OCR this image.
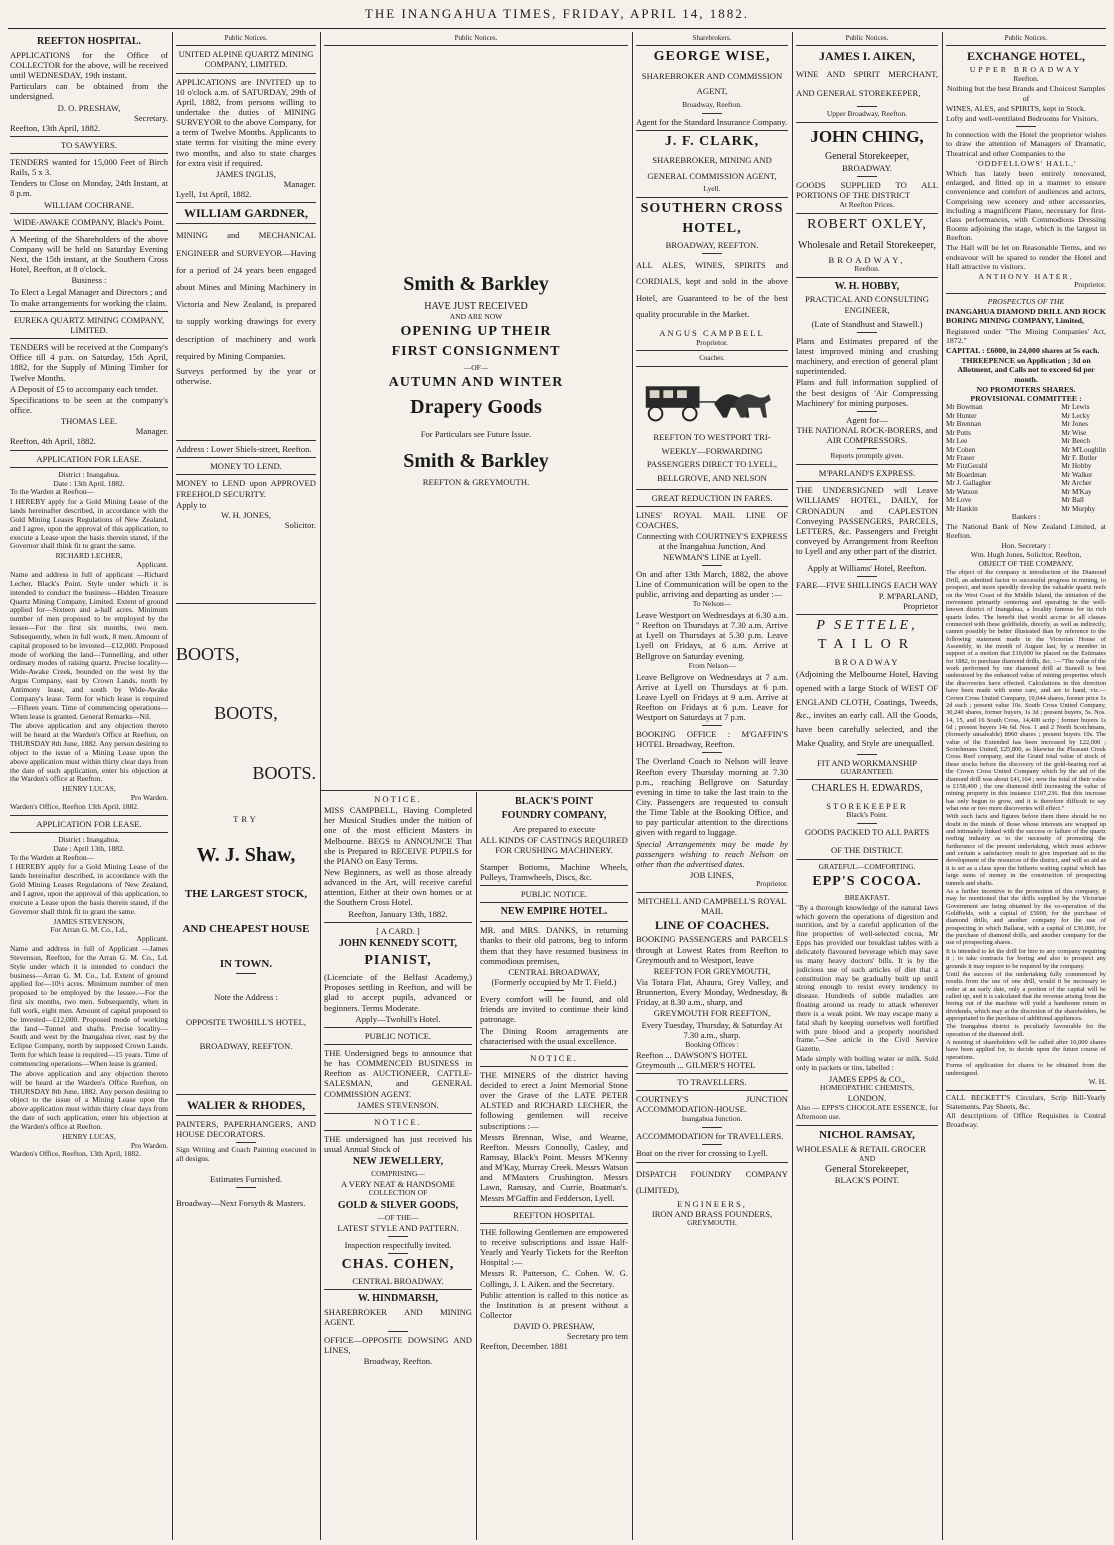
THE INANGAHUA TIMES, FRIDAY, APRIL 14, 1882.
REEFTON HOSPITAL.

APPLICATIONS for the Office of COLLECTOR for the above, will be received until WEDNESDAY, 19th instant.

Particulars can be obtained from the undersigned.

D. O. PRESHAW,
Secretary.
Reefton, 13th April, 1882.
TO SAWYERS.

TENDERS wanted for 15,000 Feet of Birch Rails, 5 x 3.

Tenders to Close on Monday, 24th Instant, at 8 p.m.

WILLIAM COCHRANE.
WIDE-AWAKE COMPANY, Black's Point.

A Meeting of the Shareholders of the above Company will be held on Saturday Evening Next, the 15th instant, at the Southern Cross Hotel, Reefton, at 8 o'clock.

Business :

To Elect a Legal Manager and Directors ; and

To make arrangements for working the claim.

EUREKA QUARTZ MINING COMPANY, LIMITED.

TENDERS will be received at the Company's Office till 4 p.m. on Saturday, 15th April, 1882, for the Supply of Mining Timber for Twelve Months.

A Deposit of £5 to accompany each tender.

Specifications to be seen at the company's office.

THOMAS LEE.
Manager.
Reefton, 4th April, 1882.
APPLICATION FOR LEASE.
District : Inangahua.
Date : 13th April. 1882.
To the Warden at Reefton—

I HEREBY apply for a Gold Mining Lease of the lands hereinafter described, in accordance with the Gold Mining Leases Regulations of New Zealand, and I agree, upon the approval of this application, to execute a Lease upon the basis therein stated, if the Governor shall think fit to grant the same.

RICHARD LECHER,
Applicant.

Name and address in full of applicant —Richard Lecher, Black's Point. Style under which it is intended to conduct the business—Hidden Treasure Quartz Mining Company, Limited. Extent of ground applied for—Sixteen and a-half acres. Minimum number of men proposed to be employed by the lessee—For the first six months, two men. Subsequently, when in full work, 8 men. Amount of capital proposed to be invested—£12,000. Proposed mode of working the land—Tunnelling, and other ordinary modes of raising quartz. Precise locality—Wide-Awake Creek, bounded on the west by the Argus Company, east by Crown Lands, north by Antimony lease, and south by Wide-Awake Company's lease. Term for which lease is required—Fifteen years. Time of commencing operations—When lease is granted. General Remarks—Nil.

The above application and any objection thereto will be heard at the Warden's Office at Reefton, on THURSDAY 8th June, 1882. Any person desiring to object to the issue of a Mining Lease upon the above application must within thirty clear days from the date of such application, enter his objection at the Warden's office at Reefton.

HENRY LUCAS,
Pro Warden.
Warden's Office, Reefton 13th April, 1882.
APPLICATION FOR LEASE.
District : Inangahua.
Date : April 13th, 1882.
To the Warden at Reefton—

I HEREBY apply for a Gold Mining Lease of the lands hereinafter described, in accordance with the Gold Mining Leases Regulations of New Zealand, and I agree, upon the approval of this application, to execute a Lease upon the basis therein stated, if the Governor shall think fit to grant the same.

JAMES STEVENSON,
For Arran G. M. Co., Ld.,
Applicant.

Name and address in full of Applicant —James Stevenson, Reefton, for the Arran G. M. Co., Ld. Style under which it is intended to conduct the business—Arran G. M. Co., Ld. Extent of ground applied for—10½ acres. Minimum number of men proposed to be employed by the lessee.—For the first six months, two men. Subsequently, when in full work, eight men. Amount of capital proposed to be invested—£12,000. Proposed mode of working the land—Tunnel and shafts. Precise locality—South and west by the Inangahua river, east by the Eclipse Company, north by supposed Crown Lands. Term for which lease is required—15 years. Time of commencing operations—When lease is granted.

The above application and any objection thereto will be heard at the Warden's Office Reefton, on THURSDAY 8th June, 1882. Any person desiring to object to the issue of a Mining Lease upon the above application must within thirty clear days from the date of such application, enter his objection at the Warden's office at Reefton.

HENRY LUCAS,
Pro Warden.
Warden's Office, Reefton, 13th April, 1882.
Public Notices.
UNITED ALPINE QUARTZ MINING COMPANY, LIMITED.

APPLICATIONS are INVITED up to 10 o'clock a.m. of SATURDAY, 29th of April, 1882, from persons willing to undertake the duties of MINING SURVEYOR to the above Company, for a term of Twelve Months. Applicants to state terms for visiting the mine every two months, and also to state charges for extra visit if required.

JAMES INGLIS,
Manager.
Lyell, 1st April, 1882.
WILLIAM GARDNER,

MINING and MECHANICAL ENGINEER and SURVEYOR—Having for a period of 24 years been engaged about Mines and Mining Machinery in Victoria and New Zealand, is prepared to supply working drawings for every description of machinery and work required by Mining Companies.

Surveys performed by the year or otherwise.

Address : Lower Shiels-street, Reefton.
MONEY TO LEND.

MONEY to LEND upon APPROVED FREEHOLD SECURITY.

Apply to
W. H. JONES,
Solicitor.
BOOTS,
BOOTS,
BOOTS.
TRY
W. J. Shaw,
THE LARGEST STOCK,
AND CHEAPEST HOUSE
IN TOWN.
Note the Address :
OPPOSITE TWOHILL'S HOTEL,
BROADWAY, REEFTON.
WALIER & RHODES,

PAINTERS, PAPERHANGERS, AND HOUSE DECORATORS.

Sign Writing and Coach Painting executed in all designs.

Estimates Furnished.
Broadway—Next Forsyth & Masters.
Public Notices.
Smith & Barkley
HAVE JUST RECEIVED
AND ARE NOW
OPENING UP THEIR
FIRST CONSIGNMENT
—OF—
AUTUMN AND WINTER
Drapery Goods
For Particulars see Future Issue.
Smith & Barkley
REEFTON & GREYMOUTH.
NOTICE.

MISS CAMPBELL, Having Completed her Musical Studies under the tuition of one of the most efficient Masters in Melbourne. BEGS to ANNOUNCE That she is Prepared to RECEIVE PUPILS for the PIANO on Easy Terms.

New Beginners, as well as those already advanced in the Art, will receive careful attention, Either at their own homes or at the Southern Cross Hotel.

Reefton, January 13th, 1882.
[ A CARD. ]
JOHN KENNEDY SCOTT,
PIANIST,

(Licenciate of the Belfast Academy,) Proposes settling in Reefton, and will be glad to accept pupils, advanced or beginners. Terms Moderate.

Apply—Twohill's Hotel.
PUBLIC NOTICE.

THE Undersigned begs to announce that he has COMMENCED BUSINESS in Reefton as AUCTIONEER, CATTLE-SALESMAN, and GENERAL COMMISSION AGENT.

JAMES STEVENSON.
NOTICE.

THE undersigned has just received his usual Annual Stock of

NEW JEWELLERY,
COMPRISING—
A VERY NEAT & HANDSOME
COLLECTION OF
GOLD & SILVER GOODS,
—OF THE—
LATEST STYLE AND PATTERN.
Inspection respectfully invited.
CHAS. COHEN,
CENTRAL BROADWAY.
W. HINDMARSH,

SHAREBROKER AND MINING AGENT.

OFFICE—OPPOSITE DOWSING AND LINES,

Broadway, Reefton.
BLACK'S POINT
FOUNDRY COMPANY,
Are prepared to execute

ALL KINDS OF CASTINGS REQUIRED FOR CRUSHING MACHINERY.

Stamper Bottoms, Machine Wheels, Pulleys, Tramwheels, Discs, &c.

PUBLIC NOTICE.
NEW EMPIRE HOTEL.

MR. and MRS. DANKS, in returning thanks to their old patrons, beg to inform them that they have resumed business in commodious premises,

CENTRAL BROADWAY,
(Formerly occupied by Mr T. Field.)

Every comfort will be found, and old friends are invited to continue their kind patronage.

The Dining Room arragements are characterised with the usual excellence.

NOTICE.

THE MINERS of the district having decided to erect a Joint Memorial Stone over the Grave of the LATE PETER ALSTED and RICHARD LECHER, the following gentlemen will receive subscriptions :—

Messrs Brennan, Wise, and Wearne, Reefton. Messrs Connolly, Casley, and Ramsay, Black's Point. Messrs M'Kenny and M'Kay, Murray Creek. Messrs Watson and M'Masters Crushington. Messrs Lawn, Ramsay, and Currie, Boatman's. Messrs M'Gaffin and Fedderson, Lyell.

REEFTON HOSPITAL

THE following Gentlemen are empowered to receive subscriptions and issue Half-Yearly and Yearly Tickets for the Reefton Hospital :—

Messrs R. Patterson, C. Cohen. W. G. Collings, J. I. Aiken. and the Secretary.

Public attention is called to this notice as the Institution is at present without a Collector

DAVID O. PRESHAW,
Secretary pro tem
Reefton, December. 1881
Sharebrokers.
GEORGE WISE,

SHAREBROKER AND COMMISSION AGENT,

Broadway, Reefton.

Agent for the Standard Insurance Company.

J. F. CLARK,

SHAREBROKER, MINING AND GENERAL COMMISSION AGENT,

Lyell.
SOUTHERN CROSS
HOTEL,
BROADWAY, REEFTON.

ALL ALES, WINES, SPIRITS and CORDIALS, kept and sold in the above Hotel, are Guaranteed to be of the best quality procurable in the Market.

ANGUS CAMPBELL
Proprietor.
Coaches.

REEFTON TO WESTPORT TRI-WEEKLY—FORWARDING PASSENGERS DIRECT TO LYELL, BELLGROVE, AND NELSON

GREAT REDUCTION IN FARES.

LINES' ROYAL MAIL LINE OF COACHES,

Connecting with COURTNEY'S EXPRESS at the Inangahua Junction, And NEWMAN'S LINE at Lyell.

On and after 13th March, 1882, the above Line of Communication will be open to the public, arriving and departing as under :—

To Nelson—

Leave Westport on Wednesdays at 6.30 a.m. " Reefton on Thursdays at 7.30 a.m. Arrive at Lyell on Thursdays at 5.30 p.m. Leave Lyell on Fridays, at 6 a.m. Arrive at Bellgrove on Saturday evening.

From Nelson—

Leave Bellgrove on Wednesdays at 7 a.m. Arrive at Lyell on Thursdays at 6 p.m. Leave Lyell on Fridays at 9 a.m. Arrive at Reefton on Fridays at 6 p.m. Leave for Westport on Saturdays at 7 p.m.

BOOKING OFFICE : M'GAFFIN'S HOTEL Broadway, Reefton.

The Overland Coach to Nelson will leave Reefton every Thursday morning at 7.30 p.m., reaching Bellgrove on Saturday evening in time to take the last train to the City. Passengers are requested to consult the Time Table at the Booking Office, and to pay particular attention to the directions given with regard to luggage.

Special Arrangements may be made by passengers wishing to reach Nelson on other than the advertised dates.

JOB LINES,
Proprietor.
MITCHELL AND CAMPBELL'S ROYAL MAIL
LINE OF COACHES.

BOOKING PASSENGERS and PARCELS through at Lowest Rates from Reefton to Greymouth and to Westport, leave

REEFTON FOR GREYMOUTH,

Via Totara Flat, Ahaura, Grey Valley, and Brunnerton, Every Monday, Wednesday, & Friday, at 8.30 a.m., sharp, and

GREYMOUTH FOR REEFTON,

Every Tuesday, Thursday, & Saturday At 7.30 a.m., sharp.

Booking Offices :
Reefton ... DAWSON'S HOTEL
Greymouth ... GILMER'S HOTEL
TO TRAVELLERS.

COURTNEY'S JUNCTION ACCOMMODATION-HOUSE.

Inangahua Junction.

ACCOMMODATION for TRAVELLERS.

Boat on the river for crossing to Lyell.

DISPATCH FOUNDRY COMPANY (LIMITED),

ENGINEERS,
IRON AND BRASS FOUNDERS,
GREYMOUTH.
Public Notices.
JAMES I. AIKEN,

WINE AND SPIRIT MERCHANT, AND GENERAL STOREKEEPER,

Upper Broadway, Reefton.
JOHN CHING,
General Storekeeper,
BROADWAY.

GOODS SUPPLIED TO ALL PORTIONS OF THE DISTRICT

At Reefton Prices.
ROBERT OXLEY,
Wholesale and Retail Storekeeper,
BROADWAY,
Reefton.
W. H. HOBBY,
PRACTICAL AND CONSULTING ENGINEER,
(Late of Standhust and Stawell.)

Plans and Estimates prepared of the latest improved mining and crushing machinery, and erection of general plant superintended.

Plans and full information supplied of the best designs of 'Air Compressing Machinery' for mining purposes.

Agent for—
THE NATIONAL ROCK-BORERS, and AIR COMPRESSORS.
Reports promptly given.
M'PARLAND'S EXPRESS.

THE UNDERSIGNED will Leave WILLIAMS' HOTEL, DAILY, for CRONADUN and CAPLESTON Conveying PASSENGERS, PARCELS, LETTERS, &c. Passengers and Freight conveyed by Arrangement from Reefton to Lyell and any other part of the district.

Apply at Williams' Hotel, Reefton.
FARE—FIVE SHILLINGS EACH WAY
P. M'PARLAND,
Proprietor
P SETTELE,
TAILOR
BROADWAY

(Adjoining the Melbourne Hotel, Having opened with a large Stock of WEST OF ENGLAND CLOTH, Coatings, Tweeds, &c., invites an early call. All the Goods, have been carefully selected, and the Make Quality, and Style are unequalled.

FIT AND WORKMANSHIP
GUARANTEED.
CHARLES H. EDWARDS,
STOREKEEPER
Black's Point.
GOODS PACKED TO ALL PARTS
OF THE DISTRICT.
GRATEFUL—COMFORTING.
EPP'S COCOA.
BREAKFAST.

"By a thorough knowledge of the natural laws which govern the operations of digestion and nutrition, and by a careful application of the fine properties of well-selected cocoa, Mr Epps has provided our breakfast tables with a delicately flavoured beverage which may save us many heavy doctors' bills. It is by the judicious use of such articles of diet that a constitution may be gradually built up until strong enough to resist every tendency to disease. Hundreds of subtle maladies are floating around us ready to attack wherever there is a weak point. We may escape many a fatal shaft by keeping ourselves well fortified with pure blood and a properly nourished frame."—See article in the Civil Service Gazette.

Made simply with boiling water or milk. Sold only in packets or tins, labelled :

JAMES EPPS & CO.,
HOMEOPATHIC CHEMISTS,
LONDON.

Also — EPPS'S CHOCOLATE ESSENCE, for Afternoon use.

NICHOL RAMSAY,

WHOLESALE & RETAIL GROCER

AND
General Storekeeper,
BLACK'S POINT.
Public Notices.
EXCHANGE HOTEL,
UPPER BROADWAY
Reefton.

Nothing but the best Brands and Choicest Samples of

WINES, ALES, and SPIRITS, kept in Stock.

Lofty and well-ventilated Bedrooms for Visitors.

In connection with the Hotel the proprietor wishes to draw the attention of Managers of Dramatic, Theatrical and other Companies to the

'ODDFELLOWS' HALL,'

Which has lately been entirely renovated, enlarged, and fitted up in a manner to ensure convenience and comfort of audiences and actors, Comprising new scenery and other accessories, including a magnificent Piano, necessary for first-class performances, with Commodious Dressing Rooms adjoining the stage, which is the largest in Reefton.

The Hall will be let on Reasonable Terms, and no endeavour will be spared to render the Hotel and Hall attractive to visitors.

ANTHONY HATER,
Proprietor.
PROSPECTUS OF THE

INANGAHUA DIAMOND DRILL AND ROCK BORING MINING COMPANY, Limited,

Registered under "The Mining Companies' Act, 1872."

CAPITAL : £6000, in 24,000 shares at 5s each.

THREEPENCE on Application ; 3d on Allotment, and Calls not to exceed 6d per month.

NO PROMOTERS SHARES.
PROVISIONAL COMMITTEE :
Mr Bowman
Mr Hunter
Mr Brennan
Mr Potts
Mr Lee
Mr Cohen
Mr Fraser
Mr FitzGerald
Mr Boardman
Mr J. Gallagher
Mr Watson
Mr Love
Mr Hankin
Mr Lewis
Mr Lecky
Mr Jones
Mr Wise
Mr Beech
Mr M'Loughlin
Mr F. Butler
Mr Hobby
Mr Walker
Mr Archer
Mr M'Kay
Mr Ball
Mr Murphy
Bankers :

The National Bank of New Zealand Limited, at Reefton.

Hon. Secretary :
Wm. Hugh Jones, Solicitor, Reefton,
OBJECT OF THE COMPANY.

The object of the company is introduction of the Diamond Drill, an admitted factor to successful progress in mining, to prospect, and more speedily develop the valuable quartz reefs on the West Coast of the Middle Island, the initiation of the movement primarily centering and operating in the well-known district of Inangahua, a locality famous for its rich quartz lodes. The benefit that would accrue to all classes connected with these goldfields, directly, as well as indirectly, cannot possibly be better illustrated than by reference to the following statement made in the Victorian House of Assembly, in the month of August last, by a member in support of a motion that £10,000 be placed on the Estimates for 1882, to purchase diamond drills, &c. :—"The value of the work performed by one diamond drill at Stawell is best understood by the enhanced value of mining properties which the discoveries have effected. Calculations in this direction have been made with some care, and are to hand, viz.—Crown Cross United Company, 19,044 shares, former price 1s 2d each ; present value 10s. South Cross United Company, 30,240 shares, former buyers, 1s 3d ; present buyers, 5s. Nos. 14, 15, and 16 South Cross, 14,400 scrip ; former buyers 1s 6d ; present buyers 14s 6d. Nos. 1 and 2 North Scotchmans, (formerly unsaleable) 8960 shares ; present buyers 10s. The value of the Extended has been increased by £22,000 ; Scotchmans United, £25,800, as likewise the Pleasant Creek Cross Reef company, and the Grand total value of stock of these stocks before the discovery of the gold-bearing reef at the Crown Cross United Company which by the aid of the diamond drill was about £41,164 ; now the total of their value is £158,400 ; the one diamond drill increasing the value of mining property in this instance £107,236. But this increase has only begun to grow, and it is therefore difficult to say what one or two more discoveries will effect."

With such facts and figures before them there should be no doubt in the minds of those whose interests are wrapped up and intimately linked with the success or failure of the quartz reefing industry as to the necessity of promoting the furtherance of the present undertaking, which must achieve and certain a satisfactory result to give important aid to the development of the resources of the district, and will so aid as it is set as a class upon the hitherto waiting capital which has large sums of money in the construction of prospecting tunnels and shafts.

As a further incentive to the promotion of this company, it may be mentioned that the drills supplied by the Victorian Government are being obtained by the co-operation of the Goldfields, with a capital of £5000, for the purchase of diamond drills, and another company for the use of prospecting in which Ballarat, with a capital of £30,000, for the purchase of diamond drills, and another company for the use of prospecting shares.

It is intended to let the drill for hire to any company requiring it ; to take contracts for boring and also to prospect any grounds it may require to be required by the company.

Until the success of the undertaking fully commenced by results from the use of one drill, would it be necessary to order at an early date, only a portion of the capital will be called up, and it is calculated that the revenue arising from the boring out of the machine will yield a handsome return in dividends, which may at the discretion of the shareholders, be appropriated to the purchase of additional appliances.

The Inangahua district is peculiarly favourable for the operation of the diamond drill.

A meeting of shareholders will be called after 10,000 shares have been applied for, to decide upon the future course of operations.

Forms of application for shares to be obtained from the undersigned.

W. H.

CALL BECKETT'S Circulars, Scrip Bill-Yearly Statements, Pay Sheets, &c.

All descriptions of Office Requisites is Central Broadway.
